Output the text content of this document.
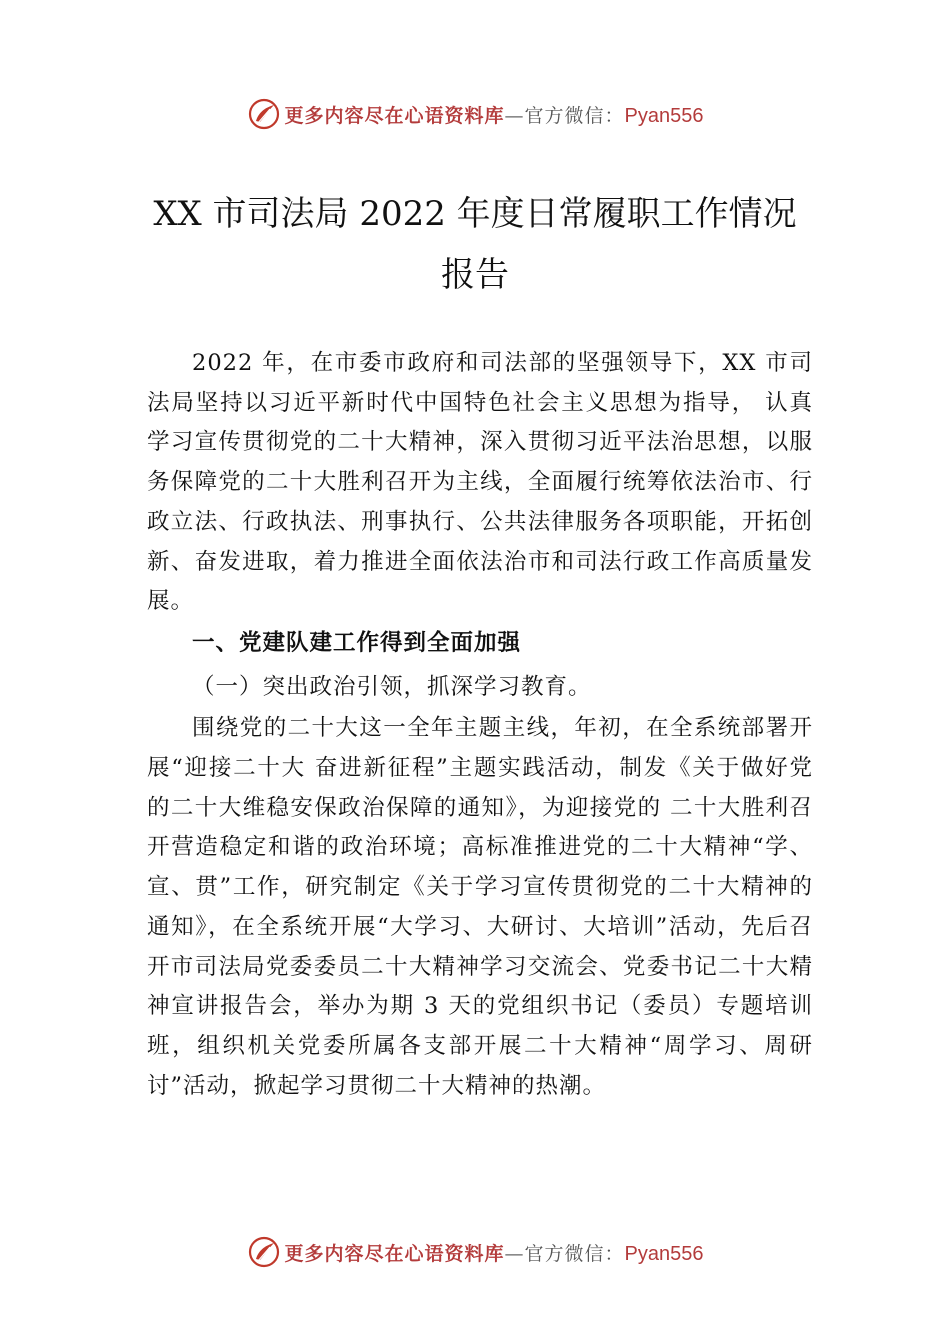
更多内容尽在心语资料库—官方微信：Pyan556
XX 市司法局 2022 年度日常履职工作情况
报告

2022 年，在市委市政府和司法部的坚强领导下，XX 市司法局坚持以习近平新时代中国特色社会主义思想为指导， 认真学习宣传贯彻党的二十大精神，深入贯彻习近平法治思想，以服务保障党的二十大胜利召开为主线，全面履行统筹依法治市、行政立法、行政执法、刑事执行、公共法律服务各项职能，开拓创新、奋发进取，着力推进全面依法治市和司法行政工作高质量发展。

一、党建队建工作得到全面加强

（一）突出政治引领，抓深学习教育。

围绕党的二十大这一全年主题主线，年初，在全系统部署开展“迎接二十大 奋进新征程”主题实践活动，制发《关于做好党的二十大维稳安保政治保障的通知》，为迎接党的 二十大胜利召开营造稳定和谐的政治环境；高标准推进党的二十大精神“学、宣、贯”工作，研究制定《关于学习宣传贯彻党的二十大精神的通知》，在全系统开展“大学习、大研讨、大培训”活动，先后召开市司法局党委委员二十大精神学习交流会、党委书记二十大精神宣讲报告会，举办为期 3 天的党组织书记（委员）专题培训班，组织机关党委所属各支部开展二十大精神“周学习、周研讨”活动，掀起学习贯彻二十大精神的热潮。

更多内容尽在心语资料库—官方微信：Pyan556
